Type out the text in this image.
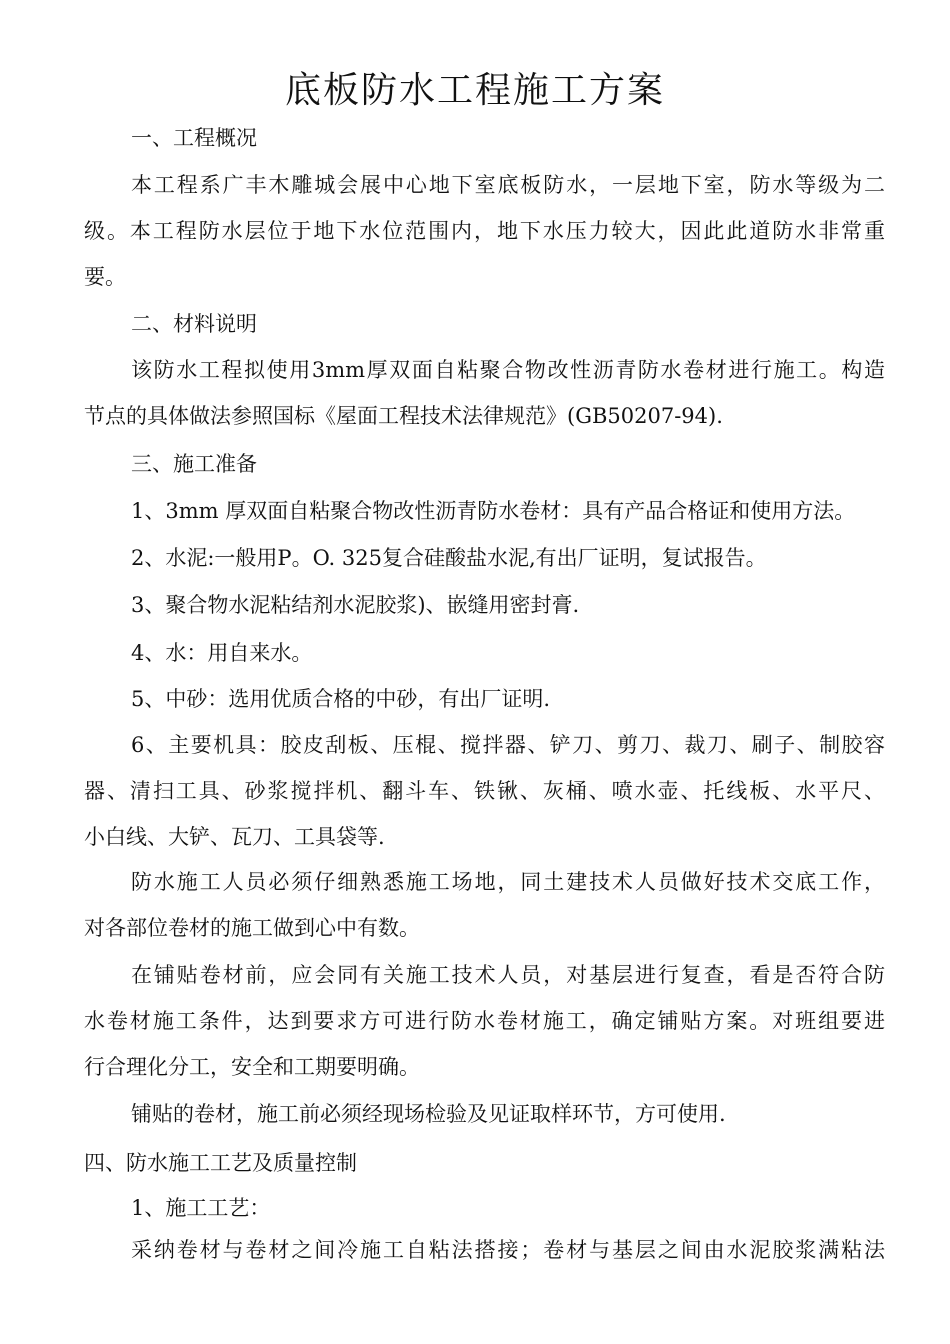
底板防水工程施工方案
一、工程概况
本工程系广丰木雕城会展中心地下室底板防水，一层地下室，防水等级为二
级。本工程防水层位于地下水位范围内，地下水压力较大，因此此道防水非常重
要。
二、材料说明
该防水工程拟使用3mm厚双面自粘聚合物改性沥青防水卷材进行施工。构造
节点的具体做法参照国标《屋面工程技术法律规范》(GB50207-94).
三、施工准备
1、3mm 厚双面自粘聚合物改性沥青防水卷材：具有产品合格证和使用方法。
2、水泥:一般用P。O. 325复合硅酸盐水泥,有出厂证明，复试报告。
3、聚合物水泥粘结剂水泥胶浆)、嵌缝用密封膏.
4、水：用自来水。
5、中砂：选用优质合格的中砂，有出厂证明.
6、主要机具：胶皮刮板、压棍、搅拌器、铲刀、剪刀、裁刀、刷子、制胶容
器、清扫工具、砂浆搅拌机、翻斗车、铁锹、灰桶、喷水壶、托线板、水平尺、
小白线、大铲、瓦刀、工具袋等.
防水施工人员必须仔细熟悉施工场地，同土建技术人员做好技术交底工作，
对各部位卷材的施工做到心中有数。
在铺贴卷材前，应会同有关施工技术人员，对基层进行复查，看是否符合防
水卷材施工条件，达到要求方可进行防水卷材施工，确定铺贴方案。对班组要进
行合理化分工，安全和工期要明确。
铺贴的卷材，施工前必须经现场检验及见证取样环节，方可使用.
四、防水施工工艺及质量控制
1、施工工艺：
采纳卷材与卷材之间冷施工自粘法搭接；卷材与基层之间由水泥胶浆满粘法
